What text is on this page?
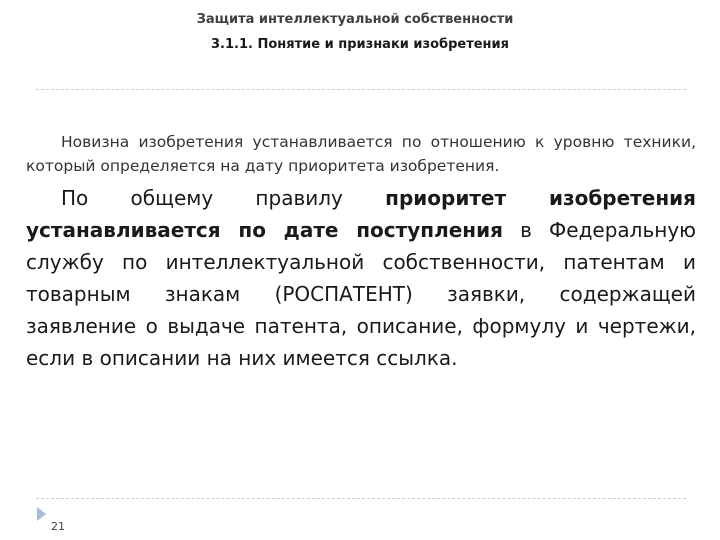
Защита интеллектуальной собственности
3.1.1. Понятие и признаки изобретения

Новизна изобретения устанавливается по отношению к уровню техники, который определяется на дату приоритета изобретения.

По общему правилу приоритет изобретения устанавливается по дате поступления в Федеральную службу по интеллектуальной собственности, патентам и товарным знакам (РОСПАТЕНТ) заявки, содержащей заявление о выдаче патента, описание, формулу и чертежи, если в описании на них имеется ссылка.

21
